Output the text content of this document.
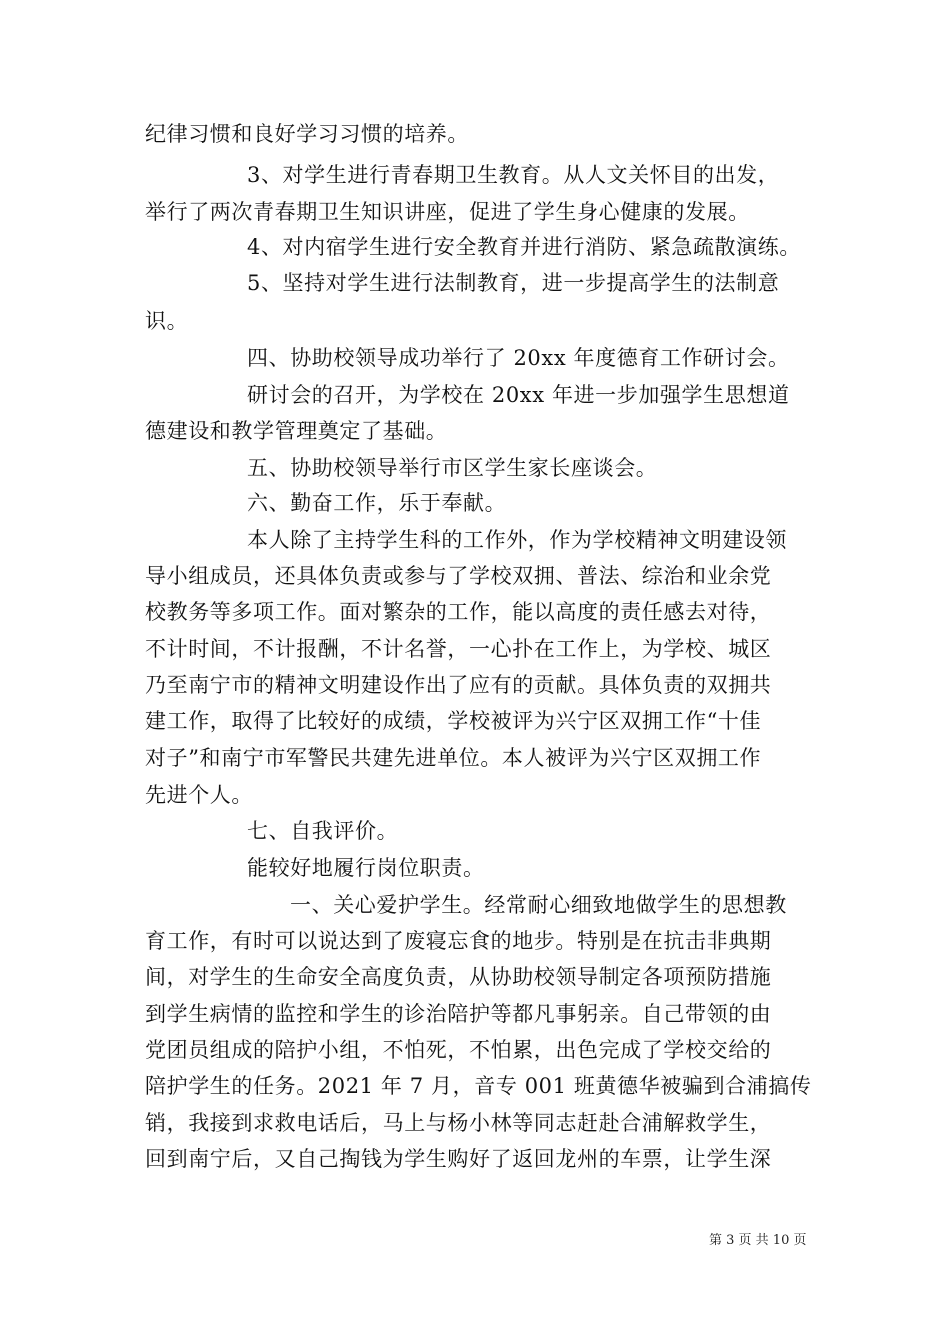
纪律习惯和良好学习习惯的培养。
3、对学生进行青春期卫生教育。从人文关怀目的出发，
举行了两次青春期卫生知识讲座，促进了学生身心健康的发展。
4、对内宿学生进行安全教育并进行消防、紧急疏散演练。
5、坚持对学生进行法制教育，进一步提高学生的法制意
识。
四、协助校领导成功举行了 20xx 年度德育工作研讨会。
研讨会的召开，为学校在 20xx 年进一步加强学生思想道
德建设和教学管理奠定了基础。
五、协助校领导举行市区学生家长座谈会。
六、勤奋工作，乐于奉献。
本人除了主持学生科的工作外，作为学校精神文明建设领
导小组成员，还具体负责或参与了学校双拥、普法、综治和业余党
校教务等多项工作。面对繁杂的工作，能以高度的责任感去对待，
不计时间，不计报酬，不计名誉，一心扑在工作上，为学校、城区
乃至南宁市的精神文明建设作出了应有的贡献。具体负责的双拥共
建工作，取得了比较好的成绩，学校被评为兴宁区双拥工作“十佳
对子”和南宁市军警民共建先进单位。本人被评为兴宁区双拥工作
先进个人。
七、自我评价。
能较好地履行岗位职责。
一、关心爱护学生。经常耐心细致地做学生的思想教
育工作，有时可以说达到了废寝忘食的地步。特别是在抗击非典期
间，对学生的生命安全高度负责，从协助校领导制定各项预防措施
到学生病情的监控和学生的诊治陪护等都凡事躬亲。自己带领的由
党团员组成的陪护小组，不怕死，不怕累，出色完成了学校交给的
陪护学生的任务。2021 年 7 月，音专 001 班黄德华被骗到合浦搞传
销，我接到求救电话后，马上与杨小林等同志赶赴合浦解救学生，
回到南宁后，又自己掏钱为学生购好了返回龙州的车票，让学生深
第 3 页 共 10 页
